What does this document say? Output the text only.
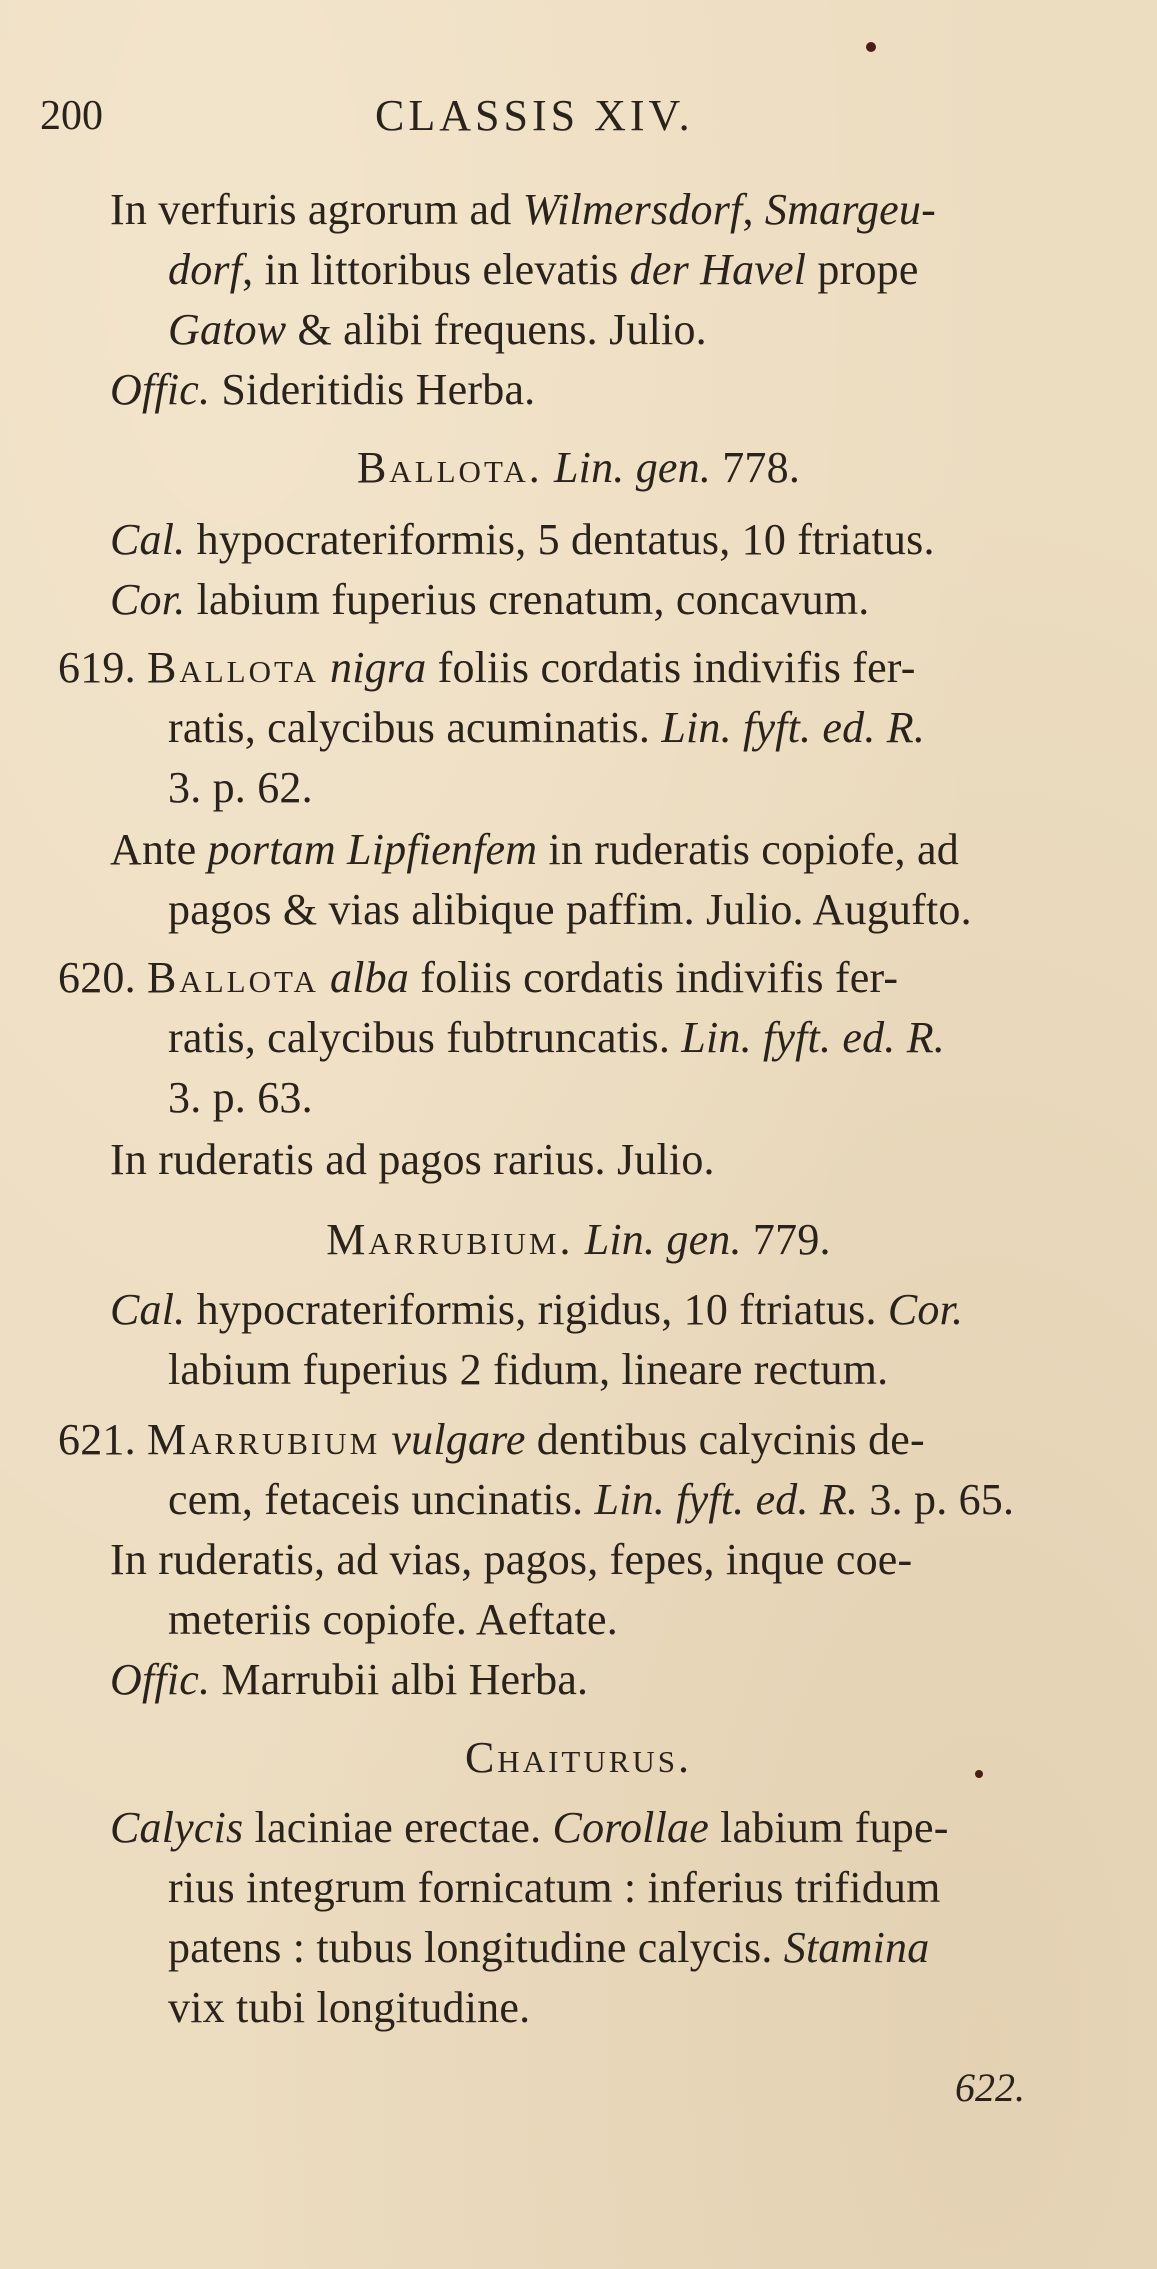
200	CLASSIS XIV.
In verfuris agrorum ad Wilmersdorf, Smargeu-
dorf, in littoribus elevatis der Havel prope
Gatow & alibi frequens. Julio.
Offic. Sideritidis Herba.
Ballota. Lin. gen. 778.
Cal. hypocrateriformis, 5 dentatus, 10 ftriatus.
Cor. labium fuperius crenatum, concavum.
619. Ballota nigra foliis cordatis indivifis fer-
ratis, calycibus acuminatis. Lin. fyft. ed. R.
3. p. 62.
Ante portam Lipfienfem in ruderatis copiofe, ad
pagos & vias alibique paffim. Julio. Augufto.
620. Ballota alba foliis cordatis indivifis fer-
ratis, calycibus fubtruncatis. Lin. fyft. ed. R.
3. p. 63.
In ruderatis ad pagos rarius. Julio.
Marrubium. Lin. gen. 779.
Cal. hypocrateriformis, rigidus, 10 ftriatus. Cor.
labium fuperius 2 fidum, lineare rectum.
621. Marrubium vulgare dentibus calycinis de-
cem, fetaceis uncinatis. Lin. fyft. ed. R. 3. p. 65.
In ruderatis, ad vias, pagos, fepes, inque coe-
meteriis copiofe. Aeftate.
Offic. Marrubii albi Herba.
Chaiturus.
Calycis laciniae erectae. Corollae labium fupe-
rius integrum fornicatum : inferius trifidum
patens : tubus longitudine calycis. Stamina
vix tubi longitudine.
622.
